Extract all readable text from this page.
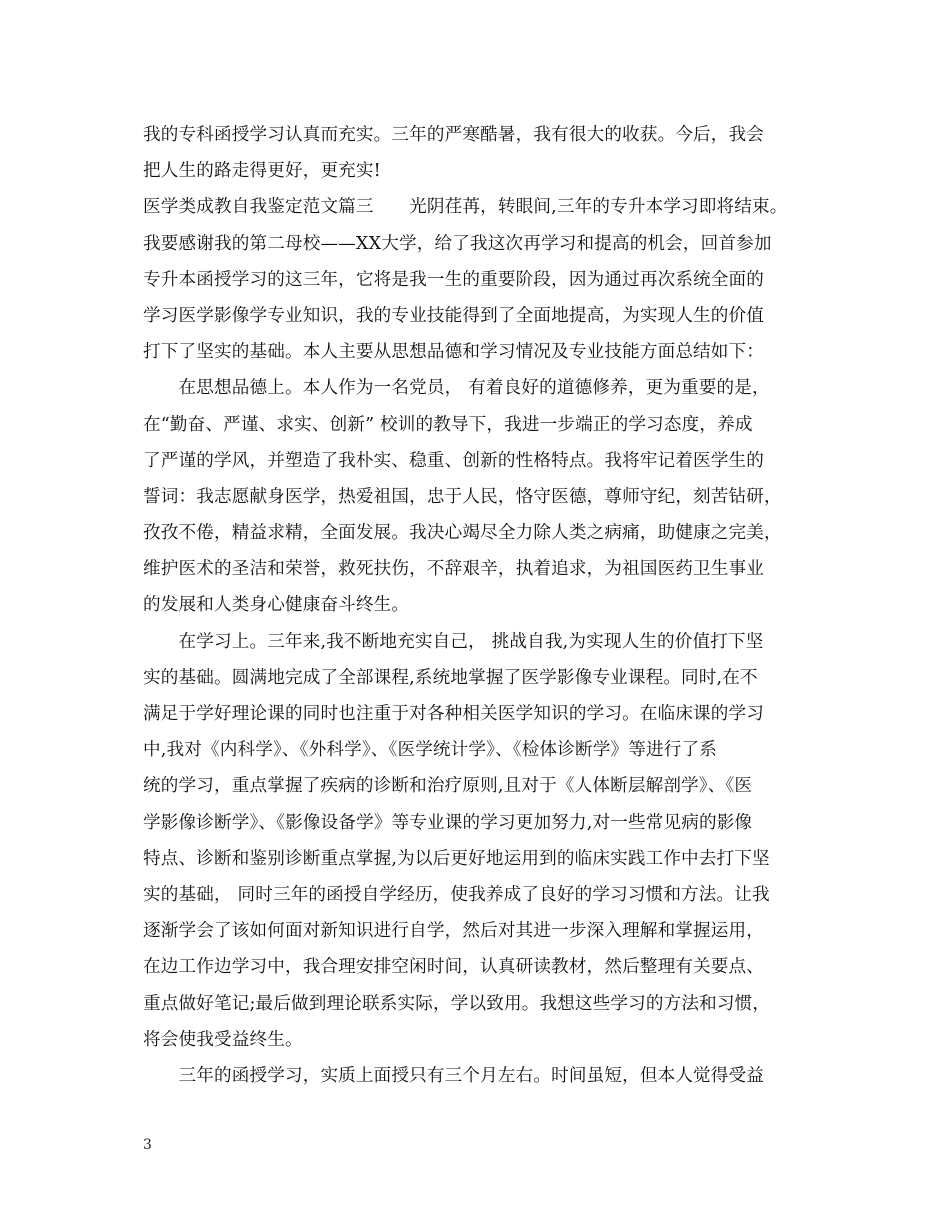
我的专科函授学习认真而充实。三年的严寒酷暑，我有很大的收获。今后，我会
把人生的路走得更好，更充实!
医学类成教自我鉴定范文篇三　　光阴荏苒，转眼间,三年的专升本学习即将结束。
我要感谢我的第二母校——XX大学，给了我这次再学习和提高的机会，回首参加
专升本函授学习的这三年，它将是我一生的重要阶段，因为通过再次系统全面的
学习医学影像学专业知识，我的专业技能得到了全面地提高，为实现人生的价值
打下了坚实的基础。本人主要从思想品德和学习情况及专业技能方面总结如下：
　　在思想品德上。本人作为一名党员， 有着良好的道德修养，更为重要的是，
在“勤奋、严谨、求实、创新” 校训的教导下，我进一步端正的学习态度，养成
了严谨的学风，并塑造了我朴实、稳重、创新的性格特点。我将牢记着医学生的
誓词：我志愿献身医学，热爱祖国，忠于人民，恪守医德，尊师守纪，刻苦钻研，
孜孜不倦，精益求精，全面发展。我决心竭尽全力除人类之病痛，助健康之完美，
维护医术的圣洁和荣誉，救死扶伤，不辞艰辛，执着追求，为祖国医药卫生事业
的发展和人类身心健康奋斗终生。
　　在学习上。三年来,我不断地充实自己， 挑战自我,为实现人生的价值打下坚
实的基础。圆满地完成了全部课程,系统地掌握了医学影像专业课程。同时,在不
满足于学好理论课的同时也注重于对各种相关医学知识的学习。在临床课的学习
中,我对《内科学》、《外科学》、《医学统计学》、《检体诊断学》等进行了系
统的学习，重点掌握了疾病的诊断和治疗原则,且对于《人体断层解剖学》、《医
学影像诊断学》、《影像设备学》等专业课的学习更加努力,对一些常见病的影像
特点、诊断和鉴别诊断重点掌握,为以后更好地运用到的临床实践工作中去打下坚
实的基础， 同时三年的函授自学经历，使我养成了良好的学习习惯和方法。让我
逐渐学会了该如何面对新知识进行自学，然后对其进一步深入理解和掌握运用，
在边工作边学习中，我合理安排空闲时间，认真研读教材，然后整理有关要点、
重点做好笔记;最后做到理论联系实际，学以致用。我想这些学习的方法和习惯，
将会使我受益终生。
　　三年的函授学习，实质上面授只有三个月左右。时间虽短，但本人觉得受益
3
